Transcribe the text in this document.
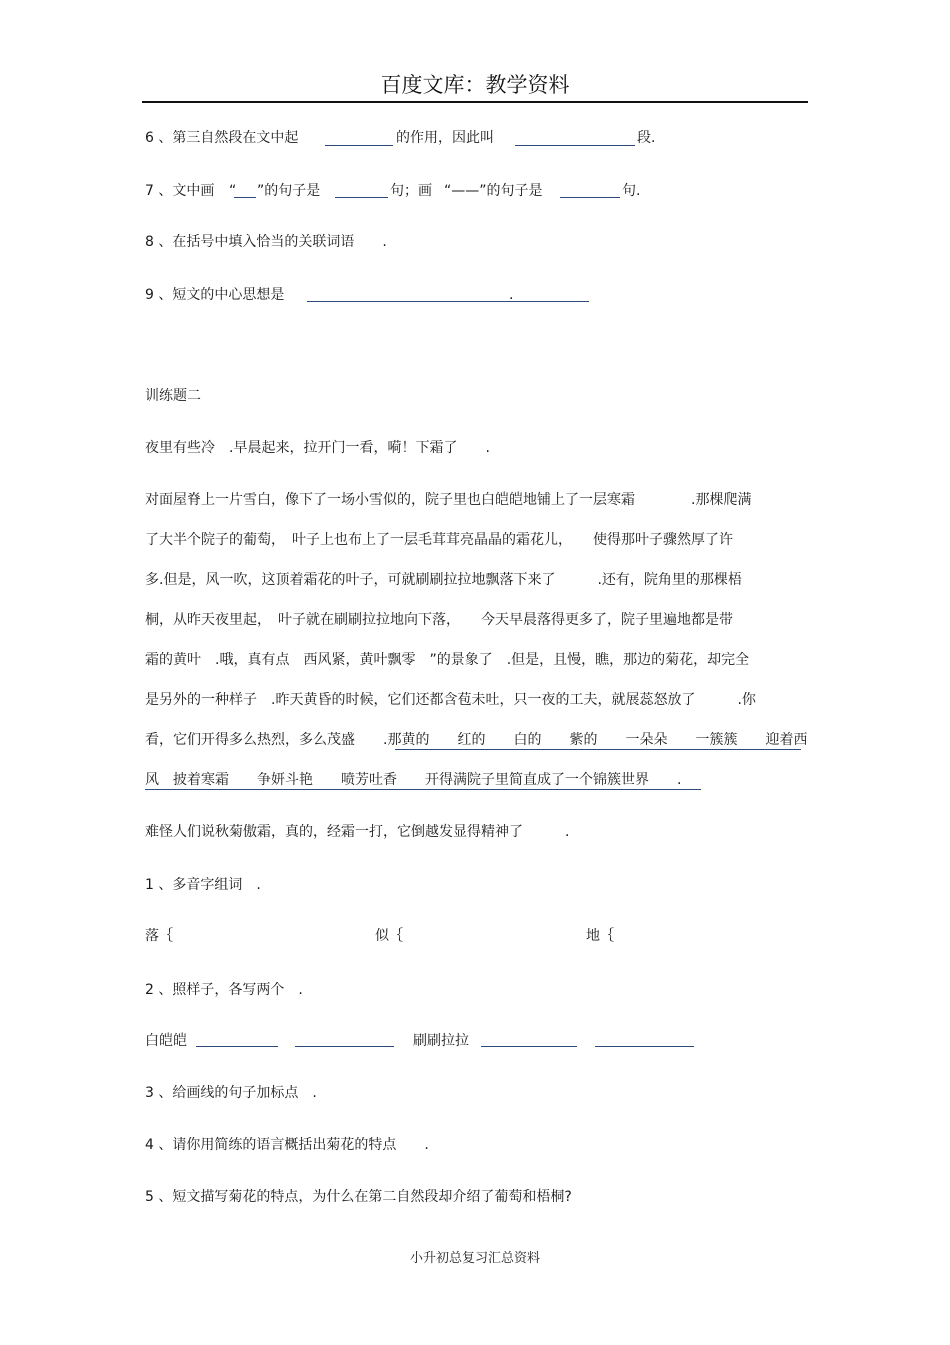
百度文库：教学资料
6 、第三自然段在文中起	的作用，因此叫	段.
7 、文中画 “ ”的句子是	句；画 “——”的句子是	句.
8 、在括号中填入恰当的关联词语　　.
9 、短文的中心思想是	.
训练题二
夜里有些冷　.早晨起来，拉开门一看，嗬！下霜了　　.
对面屋脊上一片雪白，像下了一场小雪似的，院子里也白皑皑地铺上了一层寒霜　　　　.那棵爬满
了大半个院子的葡萄，　叶子上也布上了一层毛茸茸亮晶晶的霜花儿，　　使得那叶子骤然厚了许
多.但是，风一吹，这顶着霜花的叶子，可就刷刷拉拉地飘落下来了　　　.还有，院角里的那棵梧
桐，从昨天夜里起，　叶子就在刷刷拉拉地向下落，　　今天早晨落得更多了，院子里遍地都是带
霜的黄叶　.哦，真有点　西风紧，黄叶飘零　”的景象了　.但是，且慢，瞧，那边的菊花，却完全
是另外的一种样子　.昨天黄昏的时候，它们还都含苞未吐，只一夜的工夫，就展蕊怒放了　　　.你
看，它们开得多么热烈，多么茂盛　　.那黄的　　红的　　白的　　紫的　　一朵朵　　一簇簇　　迎着西
风　披着寒霜　　争妍斗艳　　喷芳吐香　　开得满院子里简直成了一个锦簇世界　　.
难怪人们说秋菊傲霜，真的，经霜一打，它倒越发显得精神了　　　.
1 、多音字组词　.
落｛	似｛	地｛
2 、照样子，各写两个　.
白皑皑	刷刷拉拉
3 、给画线的句子加标点　.
4 、请你用简练的语言概括出菊花的特点　　.
5 、短文描写菊花的特点，为什么在第二自然段却介绍了葡萄和梧桐?
小升初总复习汇总资料
